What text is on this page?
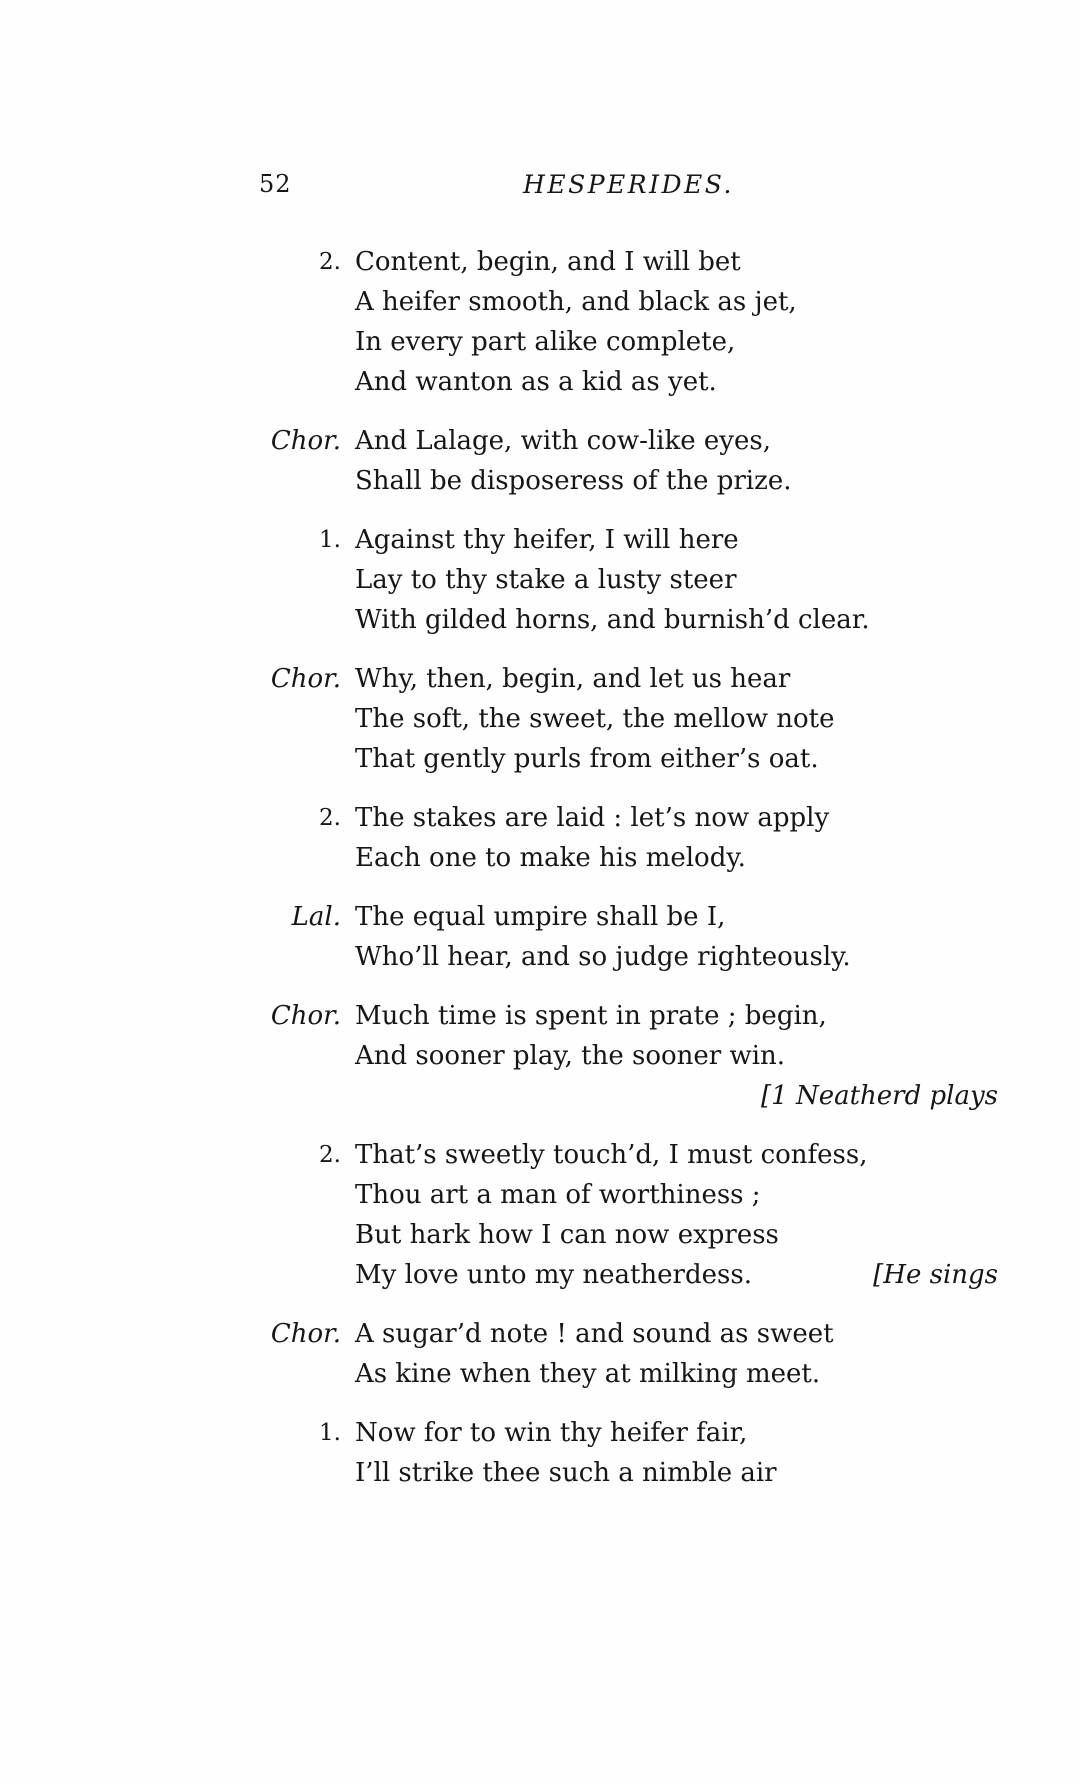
52	HESPERIDES.
2. Content, begin, and I will bet
A heifer smooth, and black as jet,
In every part alike complete,
And wanton as a kid as yet.
Chor. And Lalage, with cow-like eyes,
Shall be disposeress of the prize.
1. Against thy heifer, I will here
Lay to thy stake a lusty steer
With gilded horns, and burnish’d clear.
Chor. Why, then, begin, and let us hear
The soft, the sweet, the mellow note
That gently purls from either’s oat.
2. The stakes are laid : let’s now apply
Each one to make his melody.
Lal. The equal umpire shall be I,
Who’ll hear, and so judge righteously.
Chor. Much time is spent in prate ; begin,
And sooner play, the sooner win.
[1 Neatherd plays
2. That’s sweetly touch’d, I must confess,
Thou art a man of worthiness ;
But hark how I can now express
My love unto my neatherdess.	[He sings
Chor. A sugar’d note ! and sound as sweet
As kine when they at milking meet.
1. Now for to win thy heifer fair,
I’ll strike thee such a nimble air
